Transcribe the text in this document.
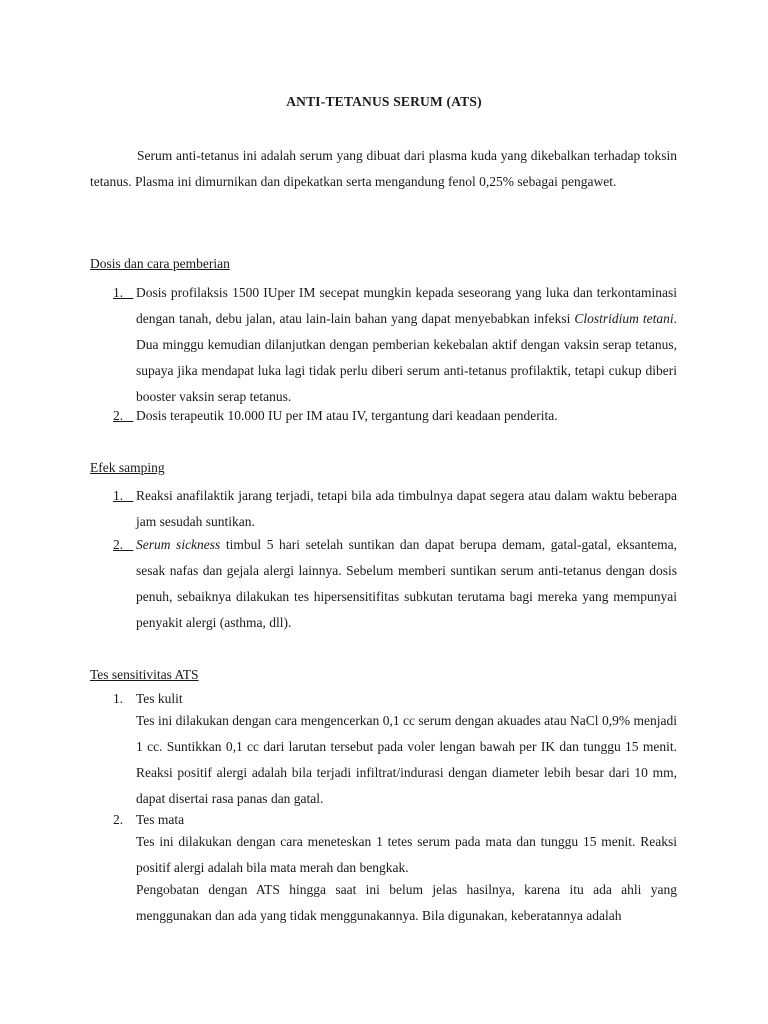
ANTI-TETANUS SERUM (ATS)

Serum anti-tetanus ini adalah serum yang dibuat dari plasma kuda yang dikebalkan terhadap toksin tetanus. Plasma ini dimurnikan dan dipekatkan serta mengandung fenol 0,25% sebagai pengawet.

Dosis dan cara pemberian
1. Dosis profilaksis 1500 IUper IM secepat mungkin kepada seseorang yang luka dan terkontaminasi dengan tanah, debu jalan, atau lain-lain bahan yang dapat menyebabkan infeksi Clostridium tetani. Dua minggu kemudian dilanjutkan dengan pemberian kekebalan aktif dengan vaksin serap tetanus, supaya jika mendapat luka lagi tidak perlu diberi serum anti-tetanus profilaktik, tetapi cukup diberi booster vaksin serap tetanus.
2. Dosis terapeutik 10.000 IU per IM atau IV, tergantung dari keadaan penderita.
Efek samping
1. Reaksi anafilaktik jarang terjadi, tetapi bila ada timbulnya dapat segera atau dalam waktu beberapa jam sesudah suntikan.
2. Serum sickness timbul 5 hari setelah suntikan dan dapat berupa demam, gatal-gatal, eksantema, sesak nafas dan gejala alergi lainnya. Sebelum memberi suntikan serum anti-tetanus dengan dosis penuh, sebaiknya dilakukan tes hipersensitifitas subkutan terutama bagi mereka yang mempunyai penyakit alergi (asthma, dll).
Tes sensitivitas ATS
1. Tes kulit
Tes ini dilakukan dengan cara mengencerkan 0,1 cc serum dengan akuades atau NaCl 0,9% menjadi 1 cc. Suntikkan 0,1 cc dari larutan tersebut pada voler lengan bawah per IK dan tunggu 15 menit. Reaksi positif alergi adalah bila terjadi infiltrat/indurasi dengan diameter lebih besar dari 10 mm, dapat disertai rasa panas dan gatal.
2. Tes mata
Tes ini dilakukan dengan cara meneteskan 1 tetes serum pada mata dan tunggu 15 menit. Reaksi positif alergi adalah bila mata merah dan bengkak.
Pengobatan dengan ATS hingga saat ini belum jelas hasilnya, karena itu ada ahli yang menggunakan dan ada yang tidak menggunakannya. Bila digunakan, keberatannya adalah
